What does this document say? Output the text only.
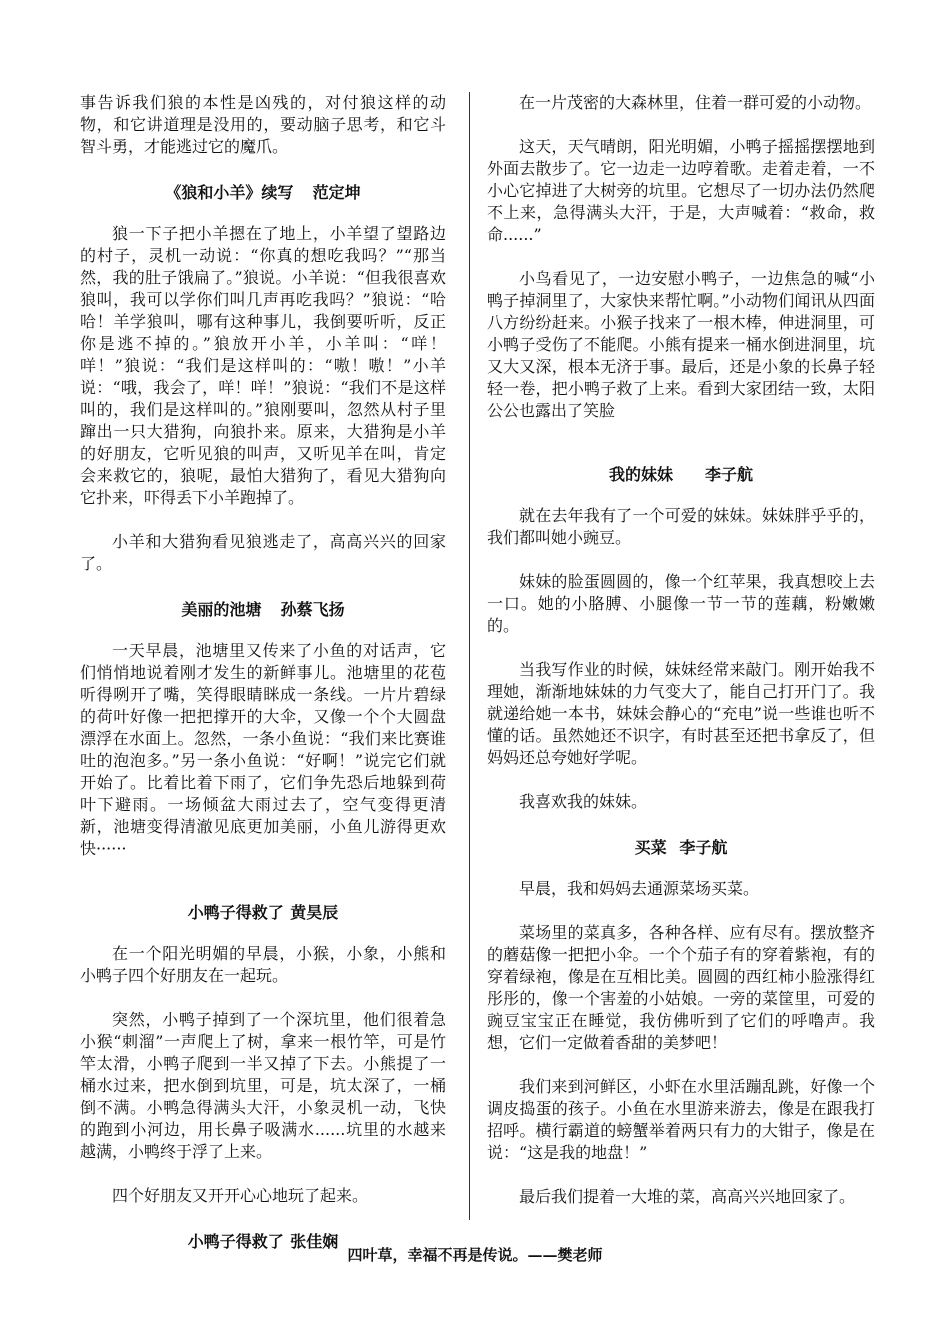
事告诉我们狼的本性是凶残的，对付狼这样的动物，和它讲道理是没用的，要动脑子思考，和它斗智斗勇，才能逃过它的魔爪。

《狼和小羊》续写 范定坤

狼一下子把小羊摁在了地上，小羊望了望路边的村子，灵机一动说：“你真的想吃我吗？”“那当然，我的肚子饿扁了。”狼说。小羊说：“但我很喜欢狼叫，我可以学你们叫几声再吃我吗？”狼说：“哈哈！羊学狼叫，哪有这种事儿，我倒要听听，反正你是逃不掉的。”狼放开小羊，小羊叫：“咩！咩！”狼说：“我们是这样叫的：“嗷！嗷！”小羊说：“哦，我会了，咩！咩！”狼说：“我们不是这样叫的，我们是这样叫的。”狼刚要叫，忽然从村子里蹿出一只大猎狗，向狼扑来。原来，大猎狗是小羊的好朋友，它听见狼的叫声，又听见羊在叫，肯定会来救它的，狼呢，最怕大猎狗了，看见大猎狗向它扑来，吓得丢下小羊跑掉了。

小羊和大猎狗看见狼逃走了，高高兴兴的回家了。

美丽的池塘 孙蔡飞扬

一天早晨，池塘里又传来了小鱼的对话声，它们悄悄地说着刚才发生的新鲜事儿。池塘里的花苞听得咧开了嘴，笑得眼睛眯成一条线。一片片碧绿的荷叶好像一把把撑开的大伞，又像一个个大圆盘漂浮在水面上。忽然，一条小鱼说：“我们来比赛谁吐的泡泡多。”另一条小鱼说：“好啊！”说完它们就开始了。比着比着下雨了，它们争先恐后地躲到荷叶下避雨。一场倾盆大雨过去了，空气变得更清新，池塘变得清澈见底更加美丽，小鱼儿游得更欢快······

小鸭子得救了 黄昊辰

在一个阳光明媚的早晨，小猴，小象，小熊和小鸭子四个好朋友在一起玩。

突然，小鸭子掉到了一个深坑里，他们很着急小猴“刺溜”一声爬上了树，拿来一根竹竿，可是竹竿太滑，小鸭子爬到一半又掉了下去。小熊提了一桶水过来，把水倒到坑里，可是，坑太深了，一桶倒不满。小鸭急得满头大汗，小象灵机一动，飞快的跑到小河边，用长鼻子吸满水......坑里的水越来越满，小鸭终于浮了上来。

四个好朋友又开开心心地玩了起来。

小鸭子得救了 张佳娴

在一片茂密的大森林里，住着一群可爱的小动物。

这天，天气晴朗，阳光明媚，小鸭子摇摇摆摆地到外面去散步了。它一边走一边哼着歌。走着走着，一不小心它掉进了大树旁的坑里。它想尽了一切办法仍然爬不上来，急得满头大汗，于是，大声喊着：“救命，救命......”

小鸟看见了，一边安慰小鸭子，一边焦急的喊“小鸭子掉洞里了，大家快来帮忙啊。”小动物们闻讯从四面八方纷纷赶来。小猴子找来了一根木棒，伸进洞里，可小鸭子受伤了不能爬。小熊有提来一桶水倒进洞里，坑又大又深，根本无济于事。最后，还是小象的长鼻子轻轻一卷，把小鸭子救了上来。看到大家团结一致，太阳公公也露出了笑脸

我的妹妹 李子航

就在去年我有了一个可爱的妹妹。妹妹胖乎乎的，我们都叫她小豌豆。

妹妹的脸蛋圆圆的，像一个红苹果，我真想咬上去一口。她的小胳膊、小腿像一节一节的莲藕，粉嫩嫩的。

当我写作业的时候，妹妹经常来敲门。刚开始我不理她，渐渐地妹妹的力气变大了，能自己打开门了。我就递给她一本书，妹妹会静心的“充电”说一些谁也听不懂的话。虽然她还不识字，有时甚至还把书拿反了，但妈妈还总夸她好学呢。

我喜欢我的妹妹。

买菜 李子航

早晨，我和妈妈去通源菜场买菜。

菜场里的菜真多，各种各样、应有尽有。摆放整齐的蘑菇像一把把小伞。一个个茄子有的穿着紫袍，有的穿着绿袍，像是在互相比美。圆圆的西红柿小脸涨得红彤彤的，像一个害羞的小姑娘。一旁的菜筐里，可爱的豌豆宝宝正在睡觉，我仿佛听到了它们的呼噜声。我想，它们一定做着香甜的美梦吧！

我们来到河鲜区，小虾在水里活蹦乱跳，好像一个调皮捣蛋的孩子。小鱼在水里游来游去，像是在跟我打招呼。横行霸道的螃蟹举着两只有力的大钳子，像是在说：“这是我的地盘！”

最后我们提着一大堆的菜，高高兴兴地回家了。

四叶草，幸福不再是传说。——樊老师
